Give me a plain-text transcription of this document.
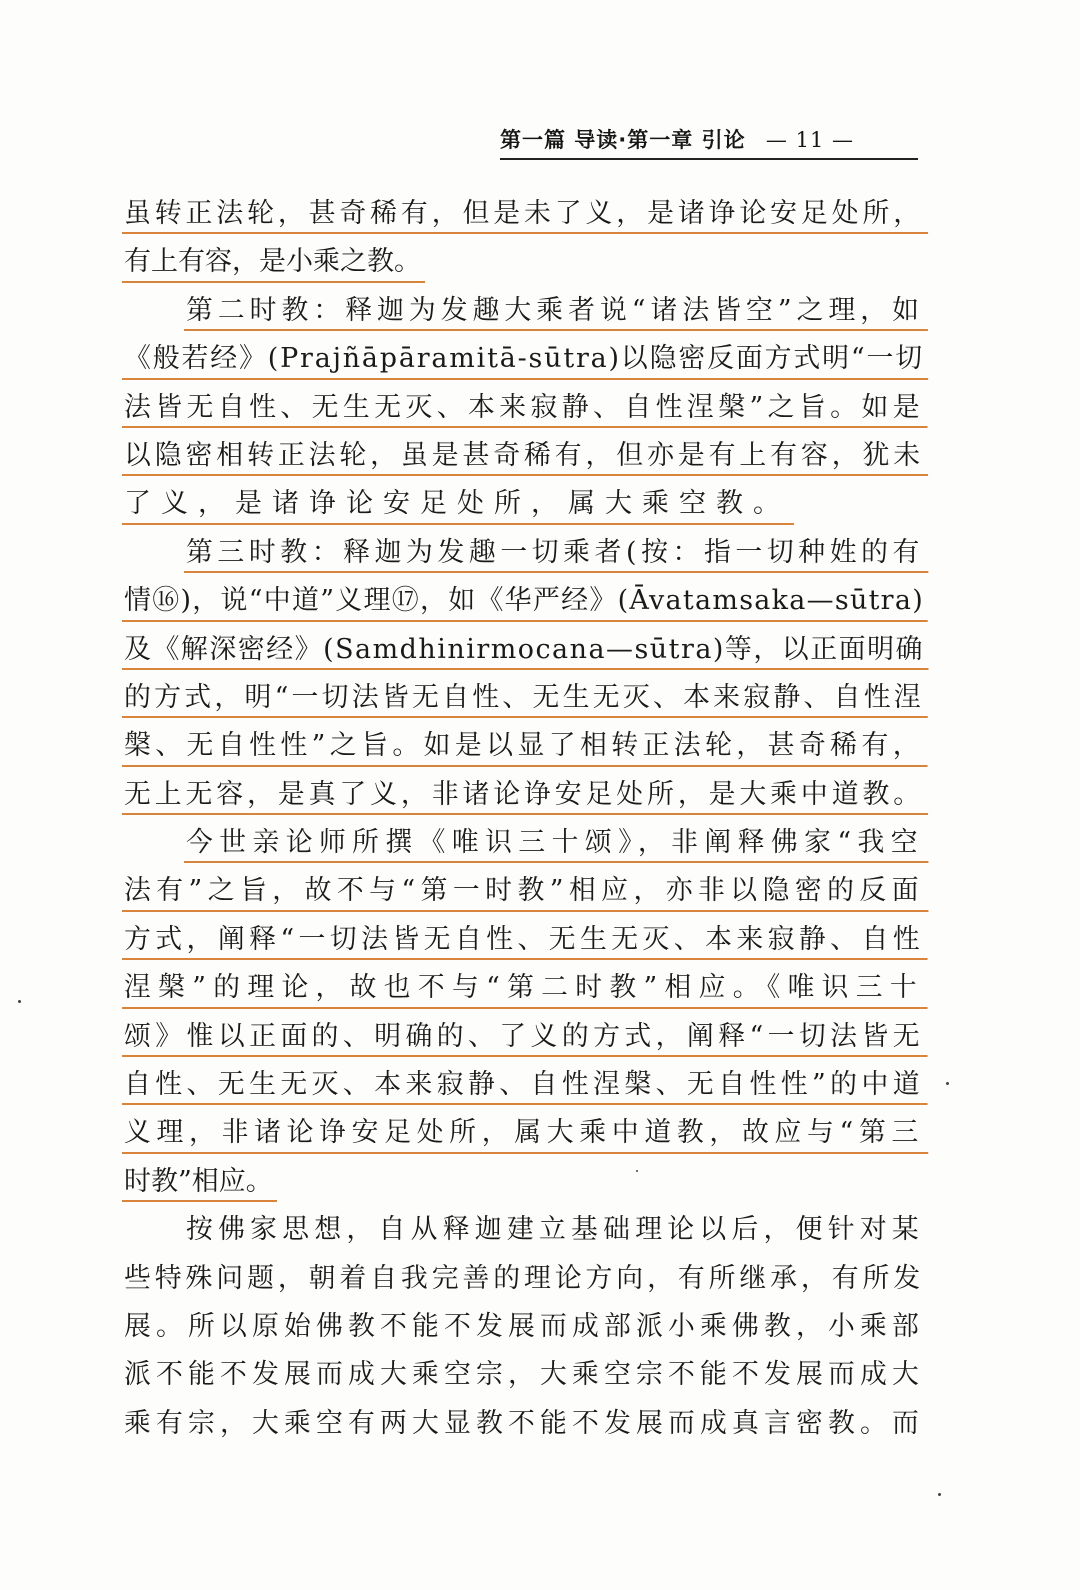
第一篇 导读·第一章 引论 — 11 —
虽转正法轮，甚奇稀有，但是未了义，是诸诤论安足处所，
有上有容，是小乘之教。
第二时教：释迦为发趣大乘者说“诸法皆空”之理，如
《般若经》(Prajñāpāramitā-sūtra)以隐密反面方式明“一切
法皆无自性、无生无灭、本来寂静、自性涅槃”之旨。如是
以隐密相转正法轮，虽是甚奇稀有，但亦是有上有容，犹未
了义，是诸诤论安足处所，属大乘空教。
第三时教：释迦为发趣一切乘者(按：指一切种姓的有
情⑯)，说“中道”义理⑰，如《华严经》(Āvatamsaka—sūtra)
及《解深密经》(Samdhinirmocana—sūtra)等，以正面明确
的方式，明“一切法皆无自性、无生无灭、本来寂静、自性涅
槃、无自性性”之旨。如是以显了相转正法轮，甚奇稀有，
无上无容，是真了义，非诸论诤安足处所，是大乘中道教。
今世亲论师所撰《唯识三十颂》，非阐释佛家“我空
法有”之旨，故不与“第一时教”相应，亦非以隐密的反面
方式，阐释“一切法皆无自性、无生无灭、本来寂静、自性
涅槃”的理论，故也不与“第二时教”相应。《唯识三十
颂》惟以正面的、明确的、了义的方式，阐释“一切法皆无
自性、无生无灭、本来寂静、自性涅槃、无自性性”的中道
义理，非诸论诤安足处所，属大乘中道教，故应与“第三
时教”相应。
按佛家思想，自从释迦建立基础理论以后，便针对某
些特殊问题，朝着自我完善的理论方向，有所继承，有所发
展。所以原始佛教不能不发展而成部派小乘佛教，小乘部
派不能不发展而成大乘空宗，大乘空宗不能不发展而成大
乘有宗，大乘空有两大显教不能不发展而成真言密教。而
